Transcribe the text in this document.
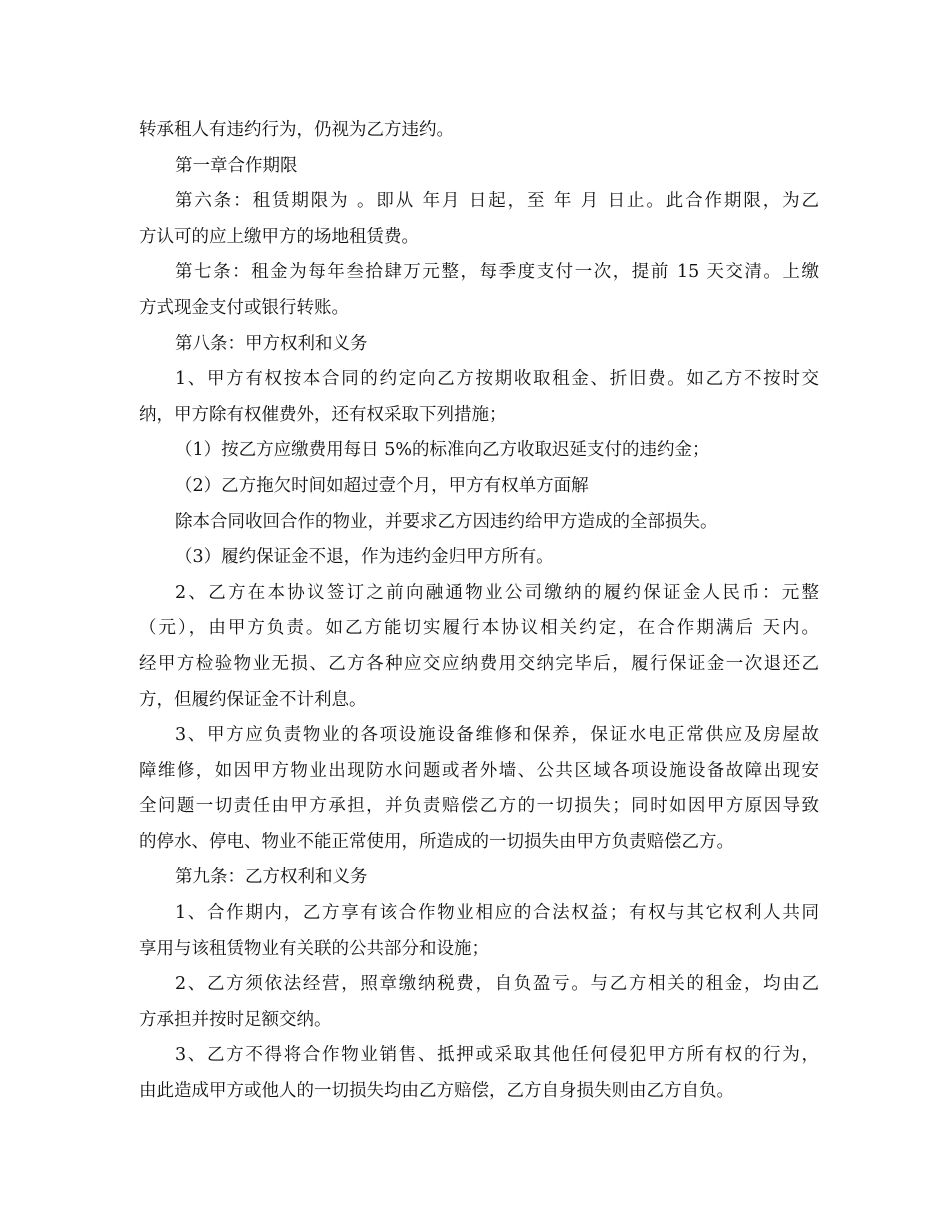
转承租人有违约行为，仍视为乙方违约。
第一章合作期限
第六条：租赁期限为 。即从 年月 日起，至 年 月 日止。此合作期限，为乙
方认可的应上缴甲方的场地租赁费。
第七条：租金为每年叁拾肆万元整，每季度支付一次，提前 15 天交清。上缴
方式现金支付或银行转账。
第八条：甲方权利和义务
1、甲方有权按本合同的约定向乙方按期收取租金、折旧费。如乙方不按时交
纳，甲方除有权催费外，还有权采取下列措施；
（1）按乙方应缴费用每日 5%的标准向乙方收取迟延支付的违约金；
（2）乙方拖欠时间如超过壹个月，甲方有权单方面解
除本合同收回合作的物业，并要求乙方因违约给甲方造成的全部损失。
（3）履约保证金不退，作为违约金归甲方所有。
2、乙方在本协议签订之前向融通物业公司缴纳的履约保证金人民币：元整
（元），由甲方负责。如乙方能切实履行本协议相关约定，在合作期满后 天内。
经甲方检验物业无损、乙方各种应交应纳费用交纳完毕后，履行保证金一次退还乙
方，但履约保证金不计利息。
3、甲方应负责物业的各项设施设备维修和保养，保证水电正常供应及房屋故
障维修，如因甲方物业出现防水问题或者外墙、公共区域各项设施设备故障出现安
全问题一切责任由甲方承担，并负责赔偿乙方的一切损失；同时如因甲方原因导致
的停水、停电、物业不能正常使用，所造成的一切损失由甲方负责赔偿乙方。
第九条：乙方权利和义务
1、合作期内，乙方享有该合作物业相应的合法权益；有权与其它权利人共同
享用与该租赁物业有关联的公共部分和设施；
2、乙方须依法经营，照章缴纳税费，自负盈亏。与乙方相关的租金，均由乙
方承担并按时足额交纳。
3、乙方不得将合作物业销售、抵押或采取其他任何侵犯甲方所有权的行为，
由此造成甲方或他人的一切损失均由乙方赔偿，乙方自身损失则由乙方自负。
